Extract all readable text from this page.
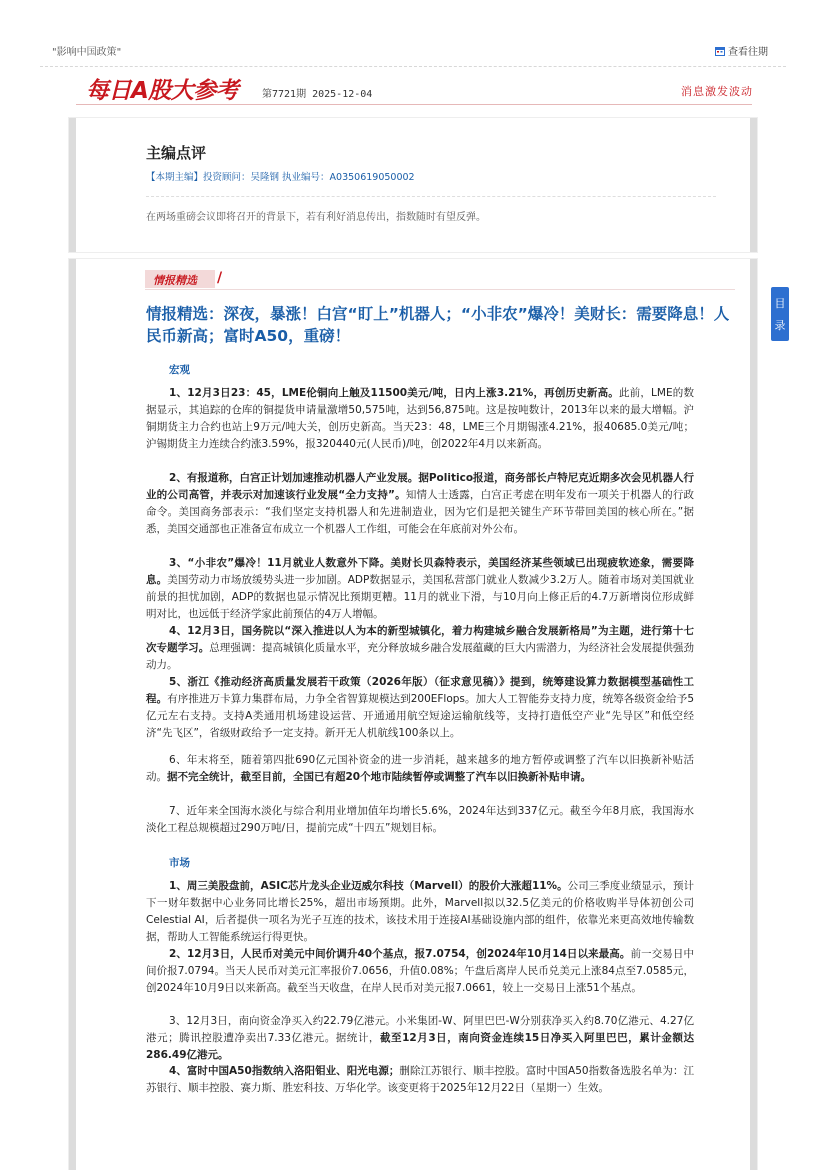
"影响中国政策"	查看往期
每日A股大参考 第7721期 2025-12-04	消息激发波动
主编点评
【本期主编】投资顾问：吴隆钢 执业编号：A0350619050002
在两场重磅会议即将召开的背景下，若有利好消息传出，指数随时有望反弹。
情报精选 /
情报精选：深夜，暴涨！白宫“盯上”机器人；“小非农”爆冷！美财长：需要降息！人民币新高；富时A50，重磅！
宏观
1、12月3日23：45，LME伦铜向上触及11500美元/吨，日内上涨3.21%，再创历史新高。此前，LME的数据显示，其追踪的仓库的铜提货申请量激增50,575吨，达到56,875吨。这是按吨数计，2013年以来的最大增幅。沪铜期货主力合约也站上9万元/吨大关，创历史新高。当天23：48，LME三个月期锡涨4.21%，报40685.0美元/吨；沪锡期货主力连续合约涨3.59%，报320440元(人民币)/吨，创2022年4月以来新高。
2、有报道称，白宫正计划加速推动机器人产业发展。据Politico报道，商务部长卢特尼克近期多次会见机器人行业的公司高管，并表示对加速该行业发展“全力支持”。知情人士透露，白宫正考虑在明年发布一项关于机器人的行政命令。美国商务部表示：“我们坚定支持机器人和先进制造业，因为它们是把关键生产环节带回美国的核心所在。”据悉，美国交通部也正准备宣布成立一个机器人工作组，可能会在年底前对外公布。
3、“小非农”爆冷！11月就业人数意外下降。美财长贝森特表示，美国经济某些领域已出现疲软迹象，需要降息。美国劳动力市场放缓势头进一步加剧。ADP数据显示，美国私营部门就业人数减少3.2万人。随着市场对美国就业前景的担忧加剧，ADP的数据也显示情况比预期更糟。11月的就业下滑，与10月向上修正后的4.7万新增岗位形成鲜明对比，也远低于经济学家此前预估的4万人增幅。
4、12月3日，国务院以“深入推进以人为本的新型城镇化，着力构建城乡融合发展新格局”为主题，进行第十七次专题学习。总理强调：提高城镇化质量水平，充分释放城乡融合发展蕴藏的巨大内需潜力，为经济社会发展提供强劲动力。
5、浙江《推动经济高质量发展若干政策（2026年版）（征求意见稿）》提到，统筹建设算力数据模型基础性工程。有序推进万卡算力集群布局，力争全省智算规模达到200EFlops。加大人工智能券支持力度，统筹各级资金给予5亿元左右支持。支持A类通用机场建设运营、开通通用航空短途运输航线等，支持打造低空产业“先导区”和低空经济“先飞区”，省级财政给予一定支持。新开无人机航线100条以上。
6、年末将至，随着第四批690亿元国补资金的进一步消耗，越来越多的地方暂停或调整了汽车以旧换新补贴活动。据不完全统计，截至目前，全国已有超20个地市陆续暂停或调整了汽车以旧换新补贴申请。
7、近年来全国海水淡化与综合利用业增加值年均增长5.6%，2024年达到337亿元。截至今年8月底，我国海水淡化工程总规模超过290万吨/日，提前完成“十四五”规划目标。
市场
1、周三美股盘前，ASIC芯片龙头企业迈威尔科技（Marvell）的股价大涨超11%。公司三季度业绩显示，预计下一财年数据中心业务同比增长25%，超出市场预期。此外，Marvell拟以32.5亿美元的价格收购半导体初创公司Celestial AI，后者提供一项名为光子互连的技术，该技术用于连接AI基础设施内部的组件，依靠光来更高效地传输数据，帮助人工智能系统运行得更快。
2、12月3日，人民币对美元中间价调升40个基点，报7.0754，创2024年10月14日以来最高。前一交易日中间价报7.0794。当天人民币对美元汇率报价7.0656，升值0.08%；午盘后离岸人民币兑美元上涨84点至7.0585元，创2024年10月9日以来新高。截至当天收盘，在岸人民币对美元报7.0661，较上一交易日上涨51个基点。
3、12月3日，南向资金净买入约22.79亿港元。小米集团-W、阿里巴巴-W分别获净买入约8.70亿港元、4.27亿港元；腾讯控股遭净卖出7.33亿港元。据统计，截至12月3日，南向资金连续15日净买入阿里巴巴，累计金额达286.49亿港元。
4、富时中国A50指数纳入洛阳钼业、阳光电源；删除江苏银行、顺丰控股。富时中国A50指数备选股名单为：江苏银行、顺丰控股、赛力斯、胜宏科技、万华化学。该变更将于2025年12月22日（星期一）生效。
目
录
